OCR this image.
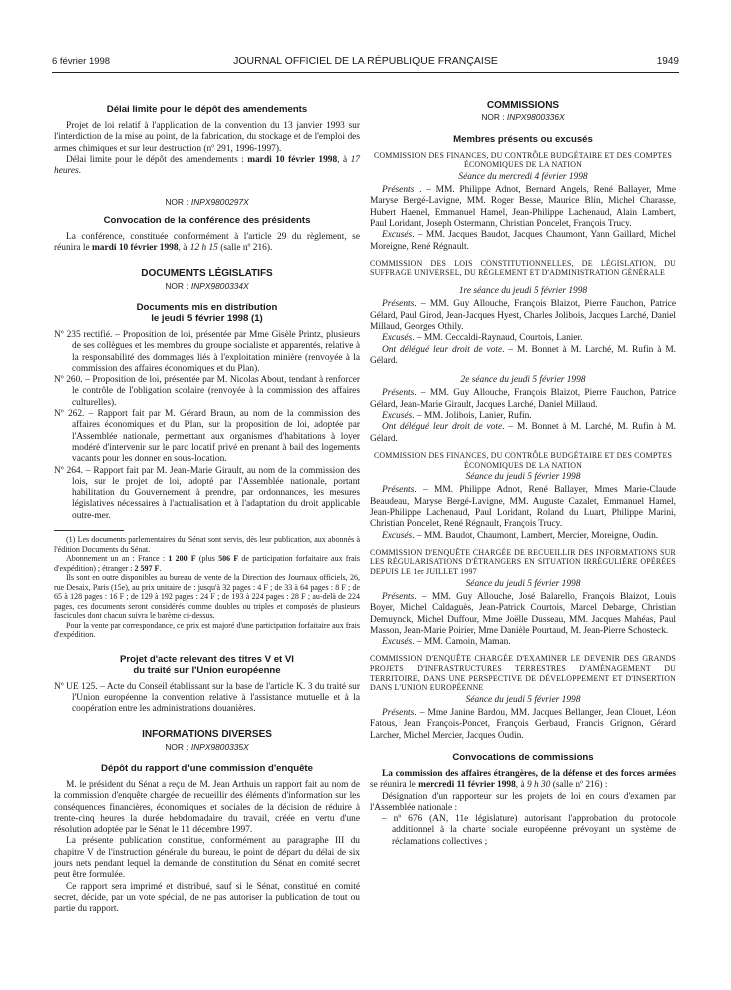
6 février 1998	JOURNAL OFFICIEL DE LA RÉPUBLIQUE FRANÇAISE	1949
Délai limite pour le dépôt des amendements

Projet de loi relatif à l'application de la convention du 13 janvier 1993 sur l'interdiction de la mise au point, de la fabrication, du stockage et de l'emploi des armes chimiques et sur leur destruction (nº 291, 1996-1997).

Délai limite pour le dépôt des amendements : mardi 10 février 1998, à 17 heures.

NOR : INPX9800297X

Convocation de la conférence des présidents

La conférence, constituée conformément à l'article 29 du règlement, se réunira le mardi 10 février 1998, à 12 h 15 (salle nº 216).

DOCUMENTS LÉGISLATIFS

NOR : INPX9800334X

Documents mis en distribution
le jeudi 5 février 1998 (1)

Nº 235 rectifié. – Proposition de loi, présentée par Mme Gisèle Printz, plusieurs de ses collègues et les membres du groupe socialiste et apparentés, relative à la responsabilité des dommages liés à l'exploitation minière (renvoyée à la commission des affaires économiques et du Plan).

Nº 260. – Proposition de loi, présentée par M. Nicolas About, tendant à renforcer le contrôle de l'obligation scolaire (renvoyée à la commission des affaires culturelles).

Nº 262. – Rapport fait par M. Gérard Braun, au nom de la commission des affaires économiques et du Plan, sur la proposition de loi, adoptée par l'Assemblée nationale, permettant aux organismes d'habitations à loyer modéré d'intervenir sur le parc locatif privé en prenant à bail des logements vacants pour les donner en sous-location.

Nº 264. – Rapport fait par M. Jean-Marie Girault, au nom de la commission des lois, sur le projet de loi, adopté par l'Assemblée nationale, portant habilitation du Gouvernement à prendre, par ordonnances, les mesures législatives nécessaires à l'actualisation et à l'adaptation du droit applicable outre-mer.

(1) Les documents parlementaires du Sénat sont servis, dès leur publication, aux abonnés à l'édition Documents du Sénat.

Abonnement un an : France : 1 200 F (plus 506 F de participation forfaitaire aux frais d'expédition) ; étranger : 2 597 F.

Ils sont en outre disponibles au bureau de vente de la Direction des Journaux officiels, 26, rue Desaix, Paris (15e), au prix unitaire de : jusqu'à 32 pages : 4 F ; de 33 à 64 pages : 8 F ; de 65 à 128 pages : 16 F ; de 129 à 192 pages : 24 F ; de 193 à 224 pages : 28 F ; au-delà de 224 pages, ces documents seront considérés comme doubles ou triples et composés de plusieurs fascicules dont chacun suivra le barème ci-dessus.

Pour la vente par correspondance, ce prix est majoré d'une participation forfaitaire aux frais d'expédition.

Projet d'acte relevant des titres V et VI
du traité sur l'Union européenne

Nº UE 125. – Acte du Conseil établissant sur la base de l'article K. 3 du traité sur l'Union européenne la convention relative à l'assistance mutuelle et à la coopération entre les administrations douanières.

INFORMATIONS DIVERSES

NOR : INPX9800335X

Dépôt du rapport d'une commission d'enquête

M. le président du Sénat a reçu de M. Jean Arthuis un rapport fait au nom de la commission d'enquête chargée de recueillir des éléments d'information sur les conséquences financières, économiques et sociales de la décision de réduire à trente-cinq heures la durée hebdomadaire du travail, créée en vertu d'une résolution adoptée par le Sénat le 11 décembre 1997.

La présente publication constitue, conformément au paragraphe III du chapitre V de l'instruction générale du bureau, le point de départ du délai de six jours nets pendant lequel la demande de constitution du Sénat en comité secret peut être formulée.

Ce rapport sera imprimé et distribué, sauf si le Sénat, constitué en comité secret, décide, par un vote spécial, de ne pas autoriser la publication de tout ou partie du rapport.

COMMISSIONS

NOR : INPX9800336X

Membres présents ou excusés

COMMISSION DES FINANCES, DU CONTRÔLE BUDGÉTAIRE ET DES COMPTES ÉCONOMIQUES DE LA NATION

Séance du mercredi 4 février 1998

Présents . – MM. Philippe Adnot, Bernard Angels, René Ballayer, Mme Maryse Bergé-Lavigne, MM. Roger Besse, Maurice Blin, Michel Charasse, Hubert Haenel, Emmanuel Hamel, Jean-Philippe Lachenaud, Alain Lambert, Paul Loridant, Joseph Ostermann, Christian Poncelet, François Trucy.

Excusés. – MM. Jacques Baudot, Jacques Chaumont, Yann Gaillard, Michel Moreigne, René Régnault.

COMMISSION DES LOIS CONSTITUTIONNELLES, DE LÉGISLATION, DU SUFFRAGE UNIVERSEL, DU RÈGLEMENT ET D'ADMINISTRATION GÉNÉRALE

1re séance du jeudi 5 février 1998

Présents. – MM. Guy Allouche, François Blaizot, Pierre Fauchon, Patrice Gélard, Paul Girod, Jean-Jacques Hyest, Charles Jolibois, Jacques Larché, Daniel Millaud, Georges Othily.

Excusés. – MM. Ceccaldi-Raynaud, Courtois, Lanier.

Ont délégué leur droit de vote. – M. Bonnet à M. Larché, M. Rufin à M. Gélard.

2e séance du jeudi 5 février 1998

Présents. – MM. Guy Allouche, François Blaizot, Pierre Fauchon, Patrice Gélard, Jean-Marie Girault, Jacques Larché, Daniel Millaud.

Excusés. – MM. Jolibois, Lanier, Rufin.

Ont délégué leur droit de vote. – M. Bonnet à M. Larché, M. Rufin à M. Gélard.

COMMISSION DES FINANCES, DU CONTRÔLE BUDGÉTAIRE ET DES COMPTES ÉCONOMIQUES DE LA NATION

Séance du jeudi 5 février 1998

Présents. – MM. Philippe Adnot, René Ballayer, Mmes Marie-Claude Beaudeau, Maryse Bergé-Lavigne, MM. Auguste Cazalet, Emmanuel Hamel, Jean-Philippe Lachenaud, Paul Loridant, Roland du Luart, Philippe Marini, Christian Poncelet, René Régnault, François Trucy.

Excusés. – MM. Baudot, Chaumont, Lambert, Mercier, Moreigne, Oudin.

COMMISSION D'ENQUÊTE CHARGÉE DE RECUEILLIR DES INFORMATIONS SUR LES RÉGULARISATIONS D'ÉTRANGERS EN SITUATION IRRÉGULIÈRE OPÉRÉES DEPUIS LE 1er JUILLET 1997

Séance du jeudi 5 février 1998

Présents. – MM. Guy Allouche, José Balarello, François Blaizot, Louis Boyer, Michel Caldaguès, Jean-Patrick Courtois, Marcel Debarge, Christian Demuynck, Michel Duffour, Mme Joëlle Dusseau, MM. Jacques Mahéas, Paul Masson, Jean-Marie Poirier, Mme Danièle Pourtaud, M. Jean-Pierre Schosteck.

Excusés. – MM. Camoin, Maman.

COMMISSION D'ENQUÊTE CHARGÉE D'EXAMINER LE DEVENIR DES GRANDS PROJETS D'INFRASTRUCTURES TERRESTRES D'AMÉNAGEMENT DU TERRITOIRE, DANS UNE PERSPECTIVE DE DÉVELOPPEMENT ET D'INSERTION DANS L'UNION EUROPÉENNE

Séance du jeudi 5 février 1998

Présents. – Mme Janine Bardou, MM. Jacques Bellanger, Jean Clouet, Léon Fatous, Jean François-Poncet, François Gerbaud, Francis Grignon, Gérard Larcher, Michel Mercier, Jacques Oudin.

Convocations de commissions

La commission des affaires étrangères, de la défense et des forces armées se réunira le mercredi 11 février 1998, à 9 h 30 (salle nº 216) :

Désignation d'un rapporteur sur les projets de loi en cours d'examen par l'Assemblée nationale :

– nº 676 (AN, 11e législature) autorisant l'approbation du protocole additionnel à la charte sociale européenne prévoyant un système de réclamations collectives ;
